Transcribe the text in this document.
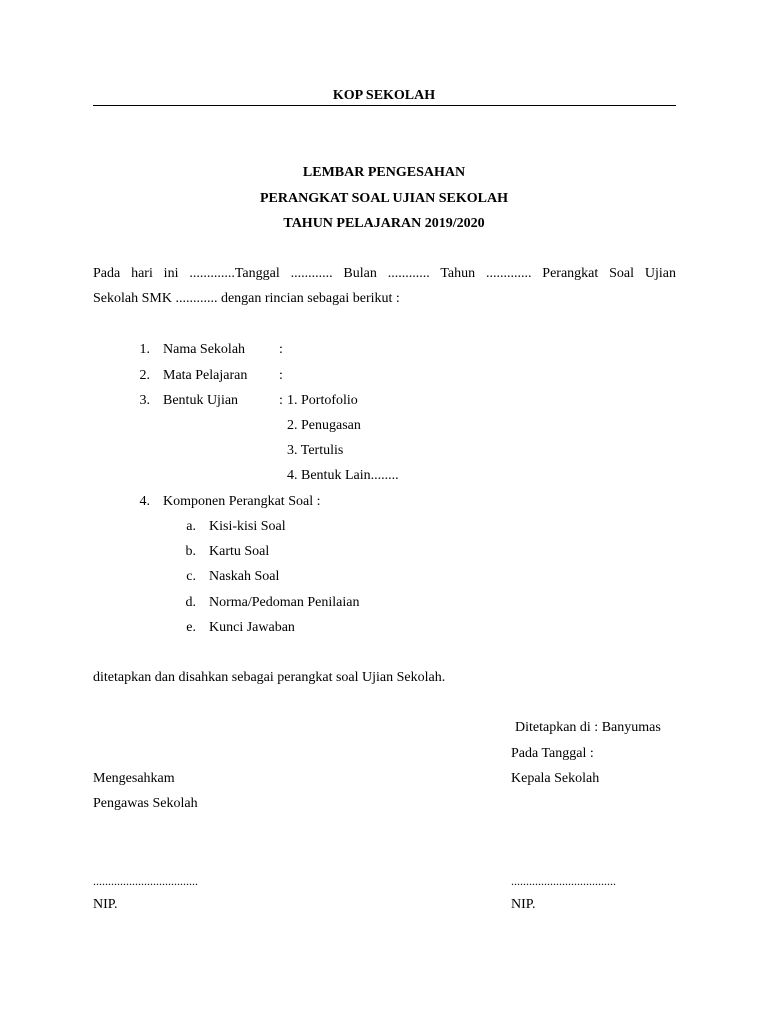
KOP SEKOLAH
LEMBAR PENGESAHAN
PERANGKAT SOAL UJIAN SEKOLAH
TAHUN PELAJARAN 2019/2020
Pada hari ini .............Tanggal ............ Bulan ............ Tahun ............. Perangkat Soal Ujian
Sekolah SMK ............ dengan rincian sebagai berikut :
1. Nama Sekolah :
2. Mata Pelajaran :
3. Bentuk Ujian	: 1. Portofolio
2. Penugasan
3. Tertulis
4. Bentuk Lain........
4. Komponen Perangkat Soal :
a. Kisi-kisi Soal
b. Kartu Soal
c. Naskah Soal
d. Norma/Pedoman Penilaian
e. Kunci Jawaban
ditetapkan dan disahkan sebagai perangkat soal Ujian Sekolah.
Ditetapkan di : Banyumas
Pada Tanggal :
Kepala Sekolah
...................................
NIP.
Mengesahkam
Pengawas Sekolah
...................................
NIP.
